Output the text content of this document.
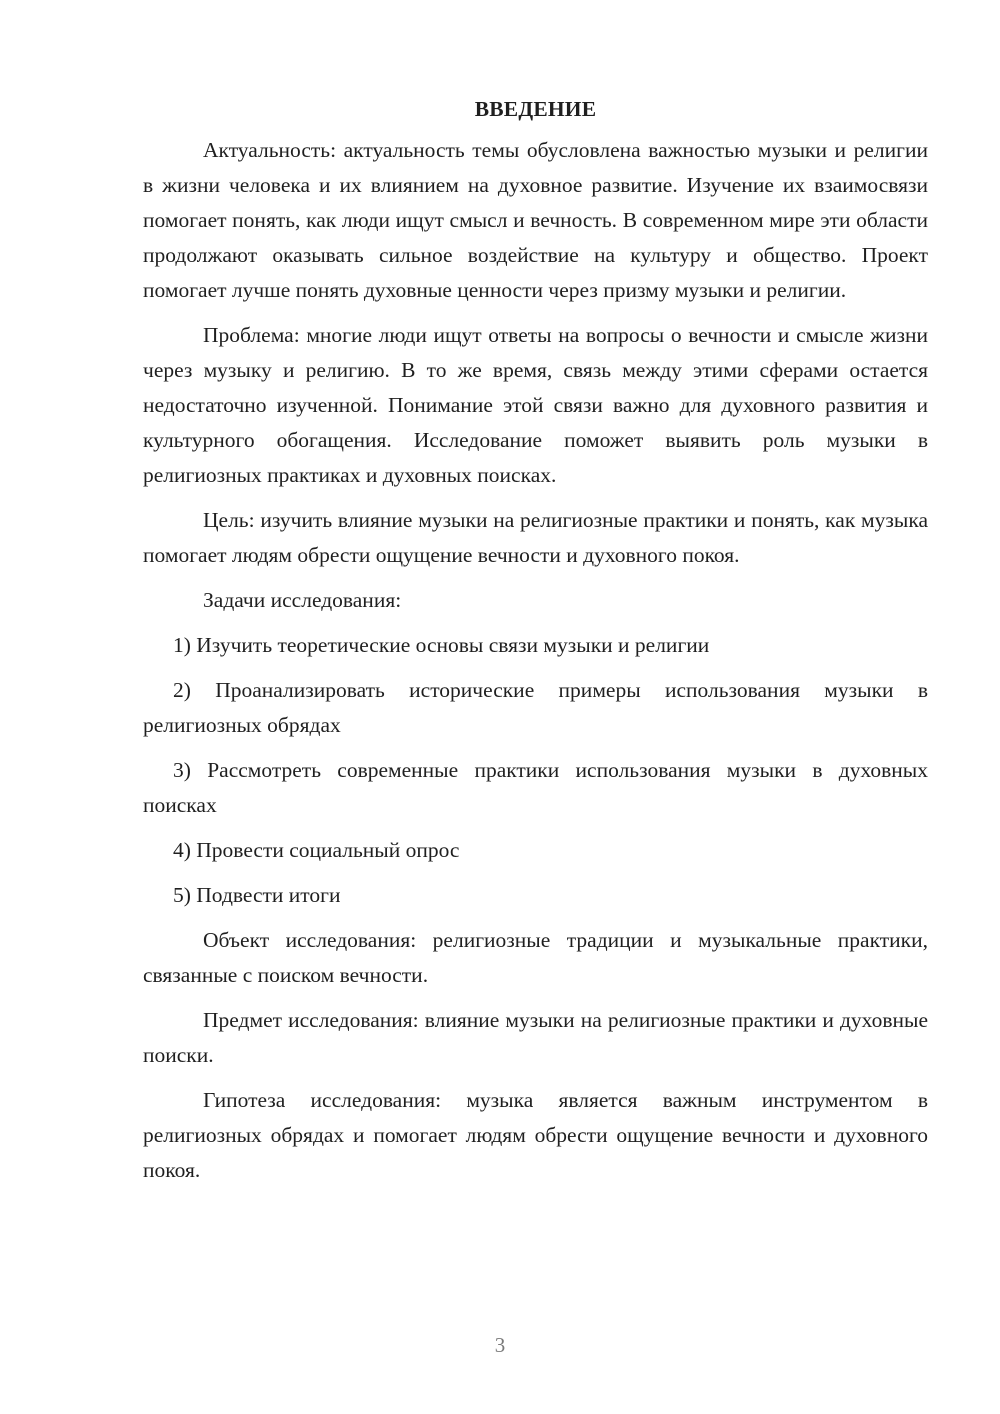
ВВЕДЕНИЕ

Актуальность: актуальность темы обусловлена важностью музыки и религии в жизни человека и их влиянием на духовное развитие. Изучение их взаимосвязи помогает понять, как люди ищут смысл и вечность. В современном мире эти области продолжают оказывать сильное воздействие на культуру и общество. Проект помогает лучше понять духовные ценности через призму музыки и религии.

Проблема: многие люди ищут ответы на вопросы о вечности и смысле жизни через музыку и религию. В то же время, связь между этими сферами остается недостаточно изученной. Понимание этой связи важно для духовного развития и культурного обогащения. Исследование поможет выявить роль музыки в религиозных практиках и духовных поисках.

Цель: изучить влияние музыки на религиозные практики и понять, как музыка помогает людям обрести ощущение вечности и духовного покоя.

Задачи исследования:

1) Изучить теоретические основы связи музыки и религии

2) Проанализировать исторические примеры использования музыки в религиозных обрядах

3) Рассмотреть современные практики использования музыки в духовных поисках

4) Провести социальный опрос

5) Подвести итоги

Объект исследования: религиозные традиции и музыкальные практики, связанные с поиском вечности.

Предмет исследования: влияние музыки на религиозные практики и духовные поиски.

Гипотеза исследования: музыка является важным инструментом в религиозных обрядах и помогает людям обрести ощущение вечности и духовного покоя.

3
